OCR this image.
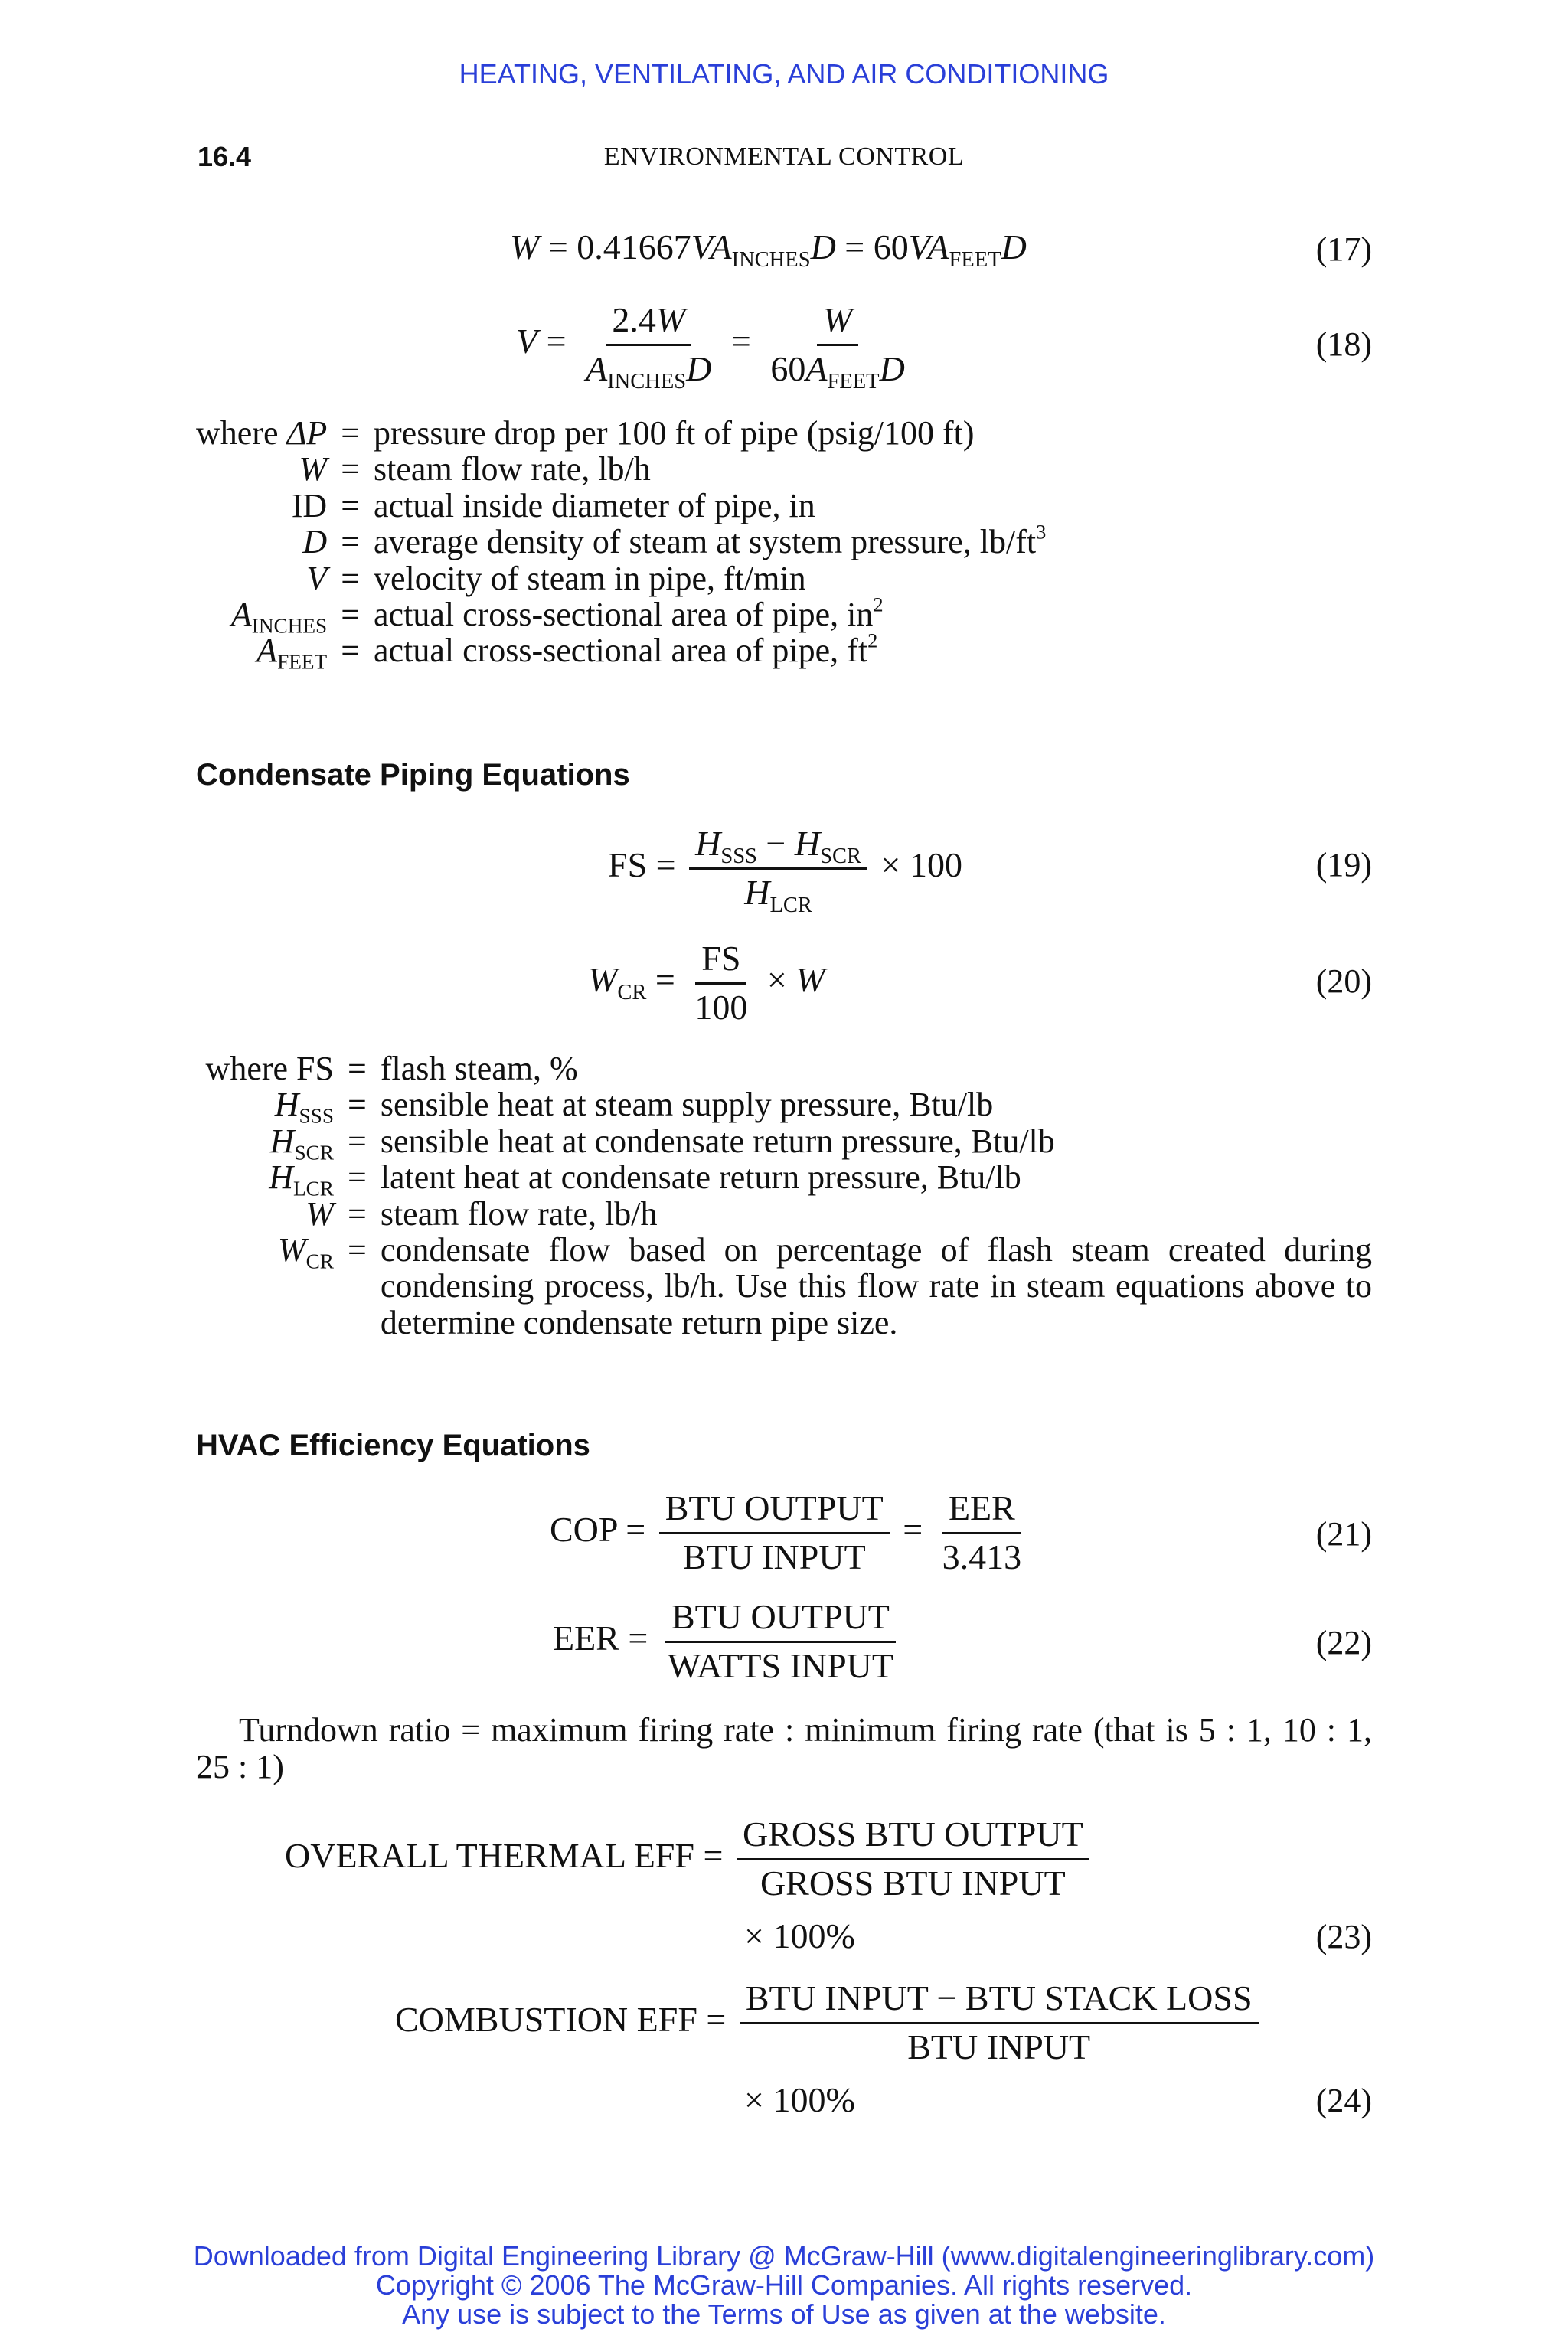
HEATING, VENTILATING, AND AIR CONDITIONING
16.4	ENVIRONMENTAL CONTROL
$W = 0.41667VA_{INCHES}D = 60VA_{FEET}D$	(17)
$V = \frac{2.4W}{A_{INCHES}D} = \frac{W}{60A_{FEET}D}$	(18)
where ΔP	=	pressure drop per 100 ft of pipe (psig/100 ft)
W	=	steam flow rate, lb/h
ID	=	actual inside diameter of pipe, in
D	=	average density of steam at system pressure, $lb/ft^3$
V	=	velocity of steam in pipe, ft/min
$A_{INCHES}$	=	actual cross-sectional area of pipe, $in^2$
$A_{FEET}$	=	actual cross-sectional area of pipe, $ft^2$
Condensate Piping Equations
FS = $\frac{H_{SSS} - H_{SCR}}{H_{LCR}} \times 100$	(19)
$W_{CR} = \frac{FS}{100} \times W$	(20)
where FS	=	flash steam, %
$H_{SSS}$	=	sensible heat at steam supply pressure, Btu/lb
$H_{SCR}$	=	sensible heat at condensate return pressure, Btu/lb
$H_{LCR}$	=	latent heat at condensate return pressure, Btu/lb
W	=	steam flow rate, lb/h
$W_{CR}$	=	condensate flow based on percentage of flash steam created during condensing process, lb/h. Use this flow rate in steam equations above to determine condensate return pipe size.
HVAC Efficiency Equations
COP = $\frac{\text{BTU OUTPUT}}{\text{BTU INPUT}} = \frac{\text{EER}}{3.413}$	(21)
EER = $\frac{\text{BTU OUTPUT}}{\text{WATTS INPUT}}$	(22)
Turndown ratio = maximum firing rate : minimum firing rate (that is 5 : 1, 10 : 1, 25 : 1)
OVERALL THERMAL EFF = $\frac{\text{GROSS BTU OUTPUT}}{\text{GROSS BTU INPUT}}$
× 100%	(23)
COMBUSTION EFF = $\frac{\text{BTU INPUT − BTU STACK LOSS}}{\text{BTU INPUT}}$
× 100%	(24)
Downloaded from Digital Engineering Library @ McGraw-Hill (www.digitalengineeringlibrary.com)
Copyright © 2006 The McGraw-Hill Companies. All rights reserved.
Any use is subject to the Terms of Use as given at the website.
